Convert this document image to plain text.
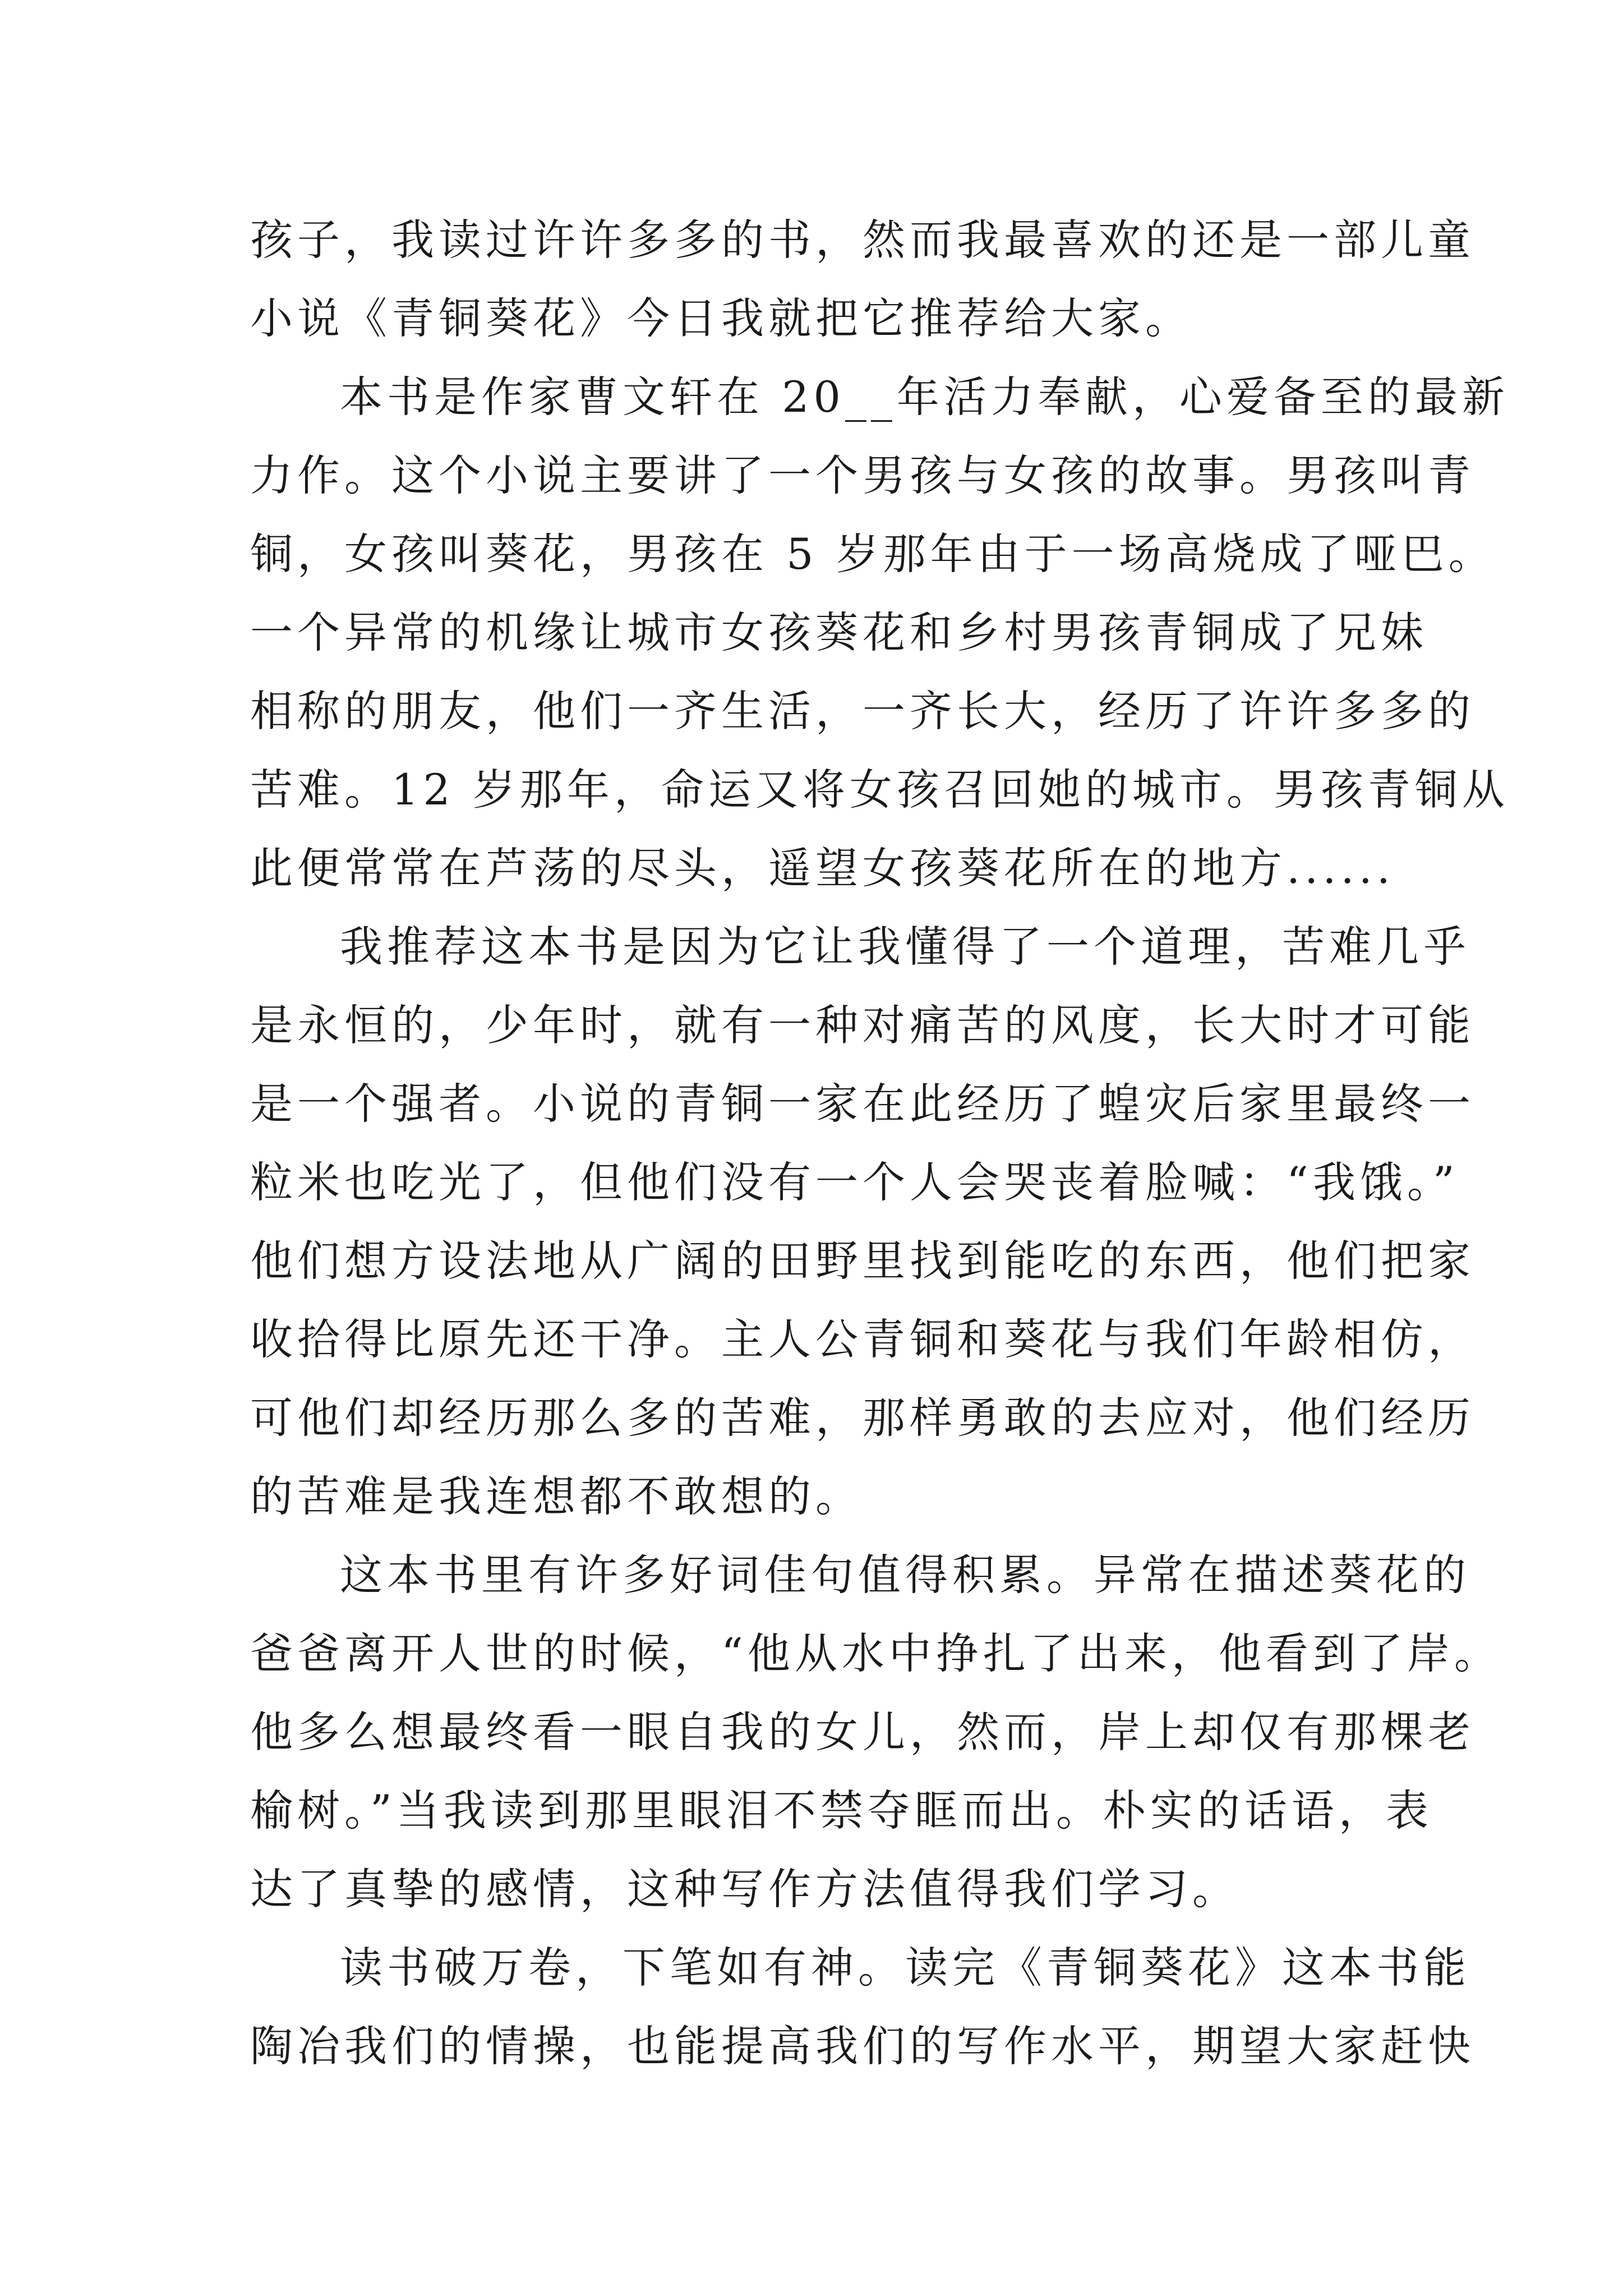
孩子，我读过许许多多的书，然而我最喜欢的还是一部儿童
小说《青铜葵花》今日我就把它推荐给大家。
本书是作家曹文轩在 20__年活力奉献，心爱备至的最新
力作。这个小说主要讲了一个男孩与女孩的故事。男孩叫青
铜，女孩叫葵花，男孩在 5 岁那年由于一场高烧成了哑巴。
一个异常的机缘让城市女孩葵花和乡村男孩青铜成了兄妹
相称的朋友，他们一齐生活，一齐长大，经历了许许多多的
苦难。12 岁那年，命运又将女孩召回她的城市。男孩青铜从
此便常常在芦荡的尽头，遥望女孩葵花所在的地方......
我推荐这本书是因为它让我懂得了一个道理，苦难几乎
是永恒的，少年时，就有一种对痛苦的风度，长大时才可能
是一个强者。小说的青铜一家在此经历了蝗灾后家里最终一
粒米也吃光了，但他们没有一个人会哭丧着脸喊：“我饿。”
他们想方设法地从广阔的田野里找到能吃的东西，他们把家
收拾得比原先还干净。主人公青铜和葵花与我们年龄相仿，
可他们却经历那么多的苦难，那样勇敢的去应对，他们经历
的苦难是我连想都不敢想的。
这本书里有许多好词佳句值得积累。异常在描述葵花的
爸爸离开人世的时候，“他从水中挣扎了出来，他看到了岸。
他多么想最终看一眼自我的女儿，然而，岸上却仅有那棵老
榆树。”当我读到那里眼泪不禁夺眶而出。朴实的话语，表
达了真挚的感情，这种写作方法值得我们学习。
读书破万卷，下笔如有神。读完《青铜葵花》这本书能
陶冶我们的情操，也能提高我们的写作水平，期望大家赶快
